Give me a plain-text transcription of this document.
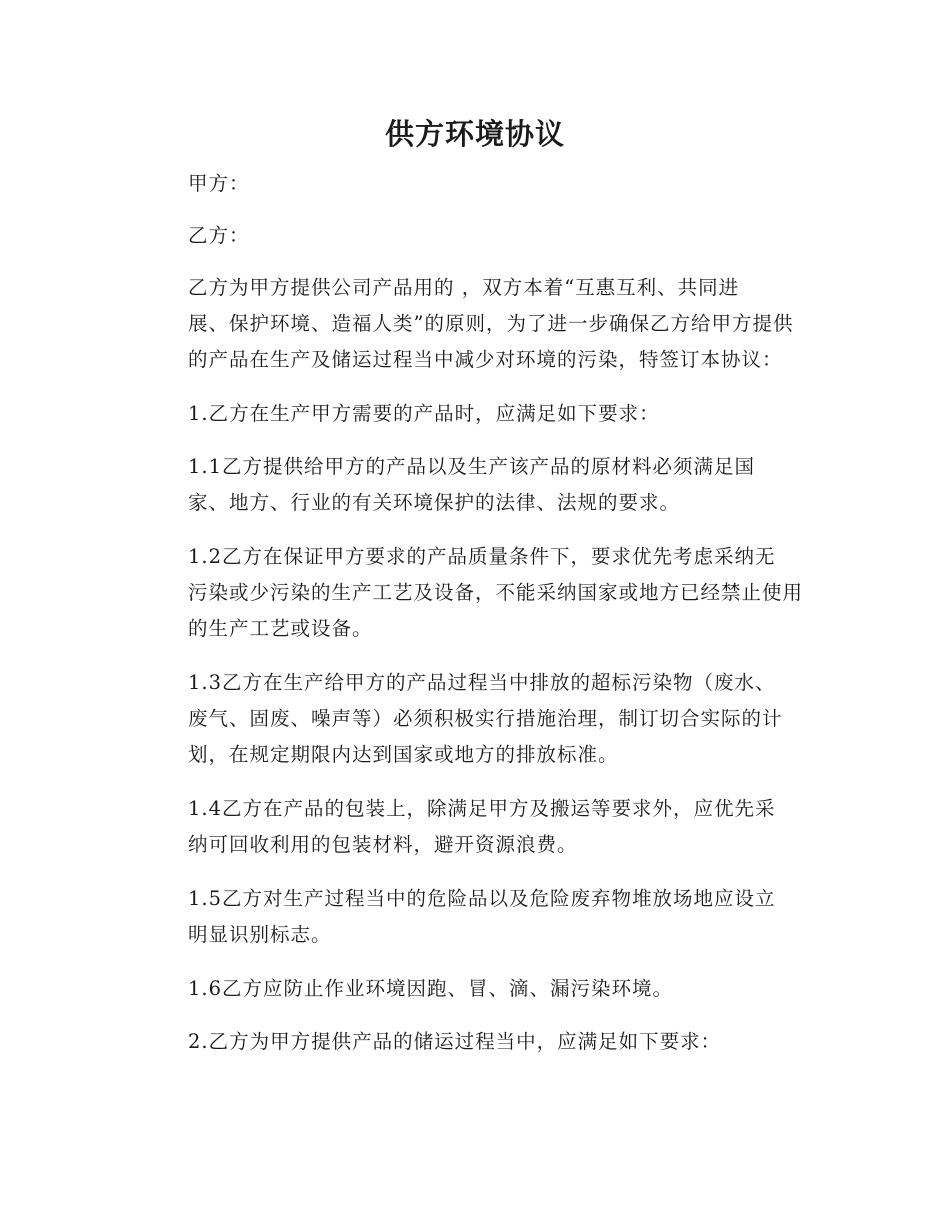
供方环境协议

甲方：

乙方：

乙方为甲方提供公司产品用的 ，双方本着“互惠互利、共同进
展、保护环境、造福人类”的原则，为了进一步确保乙方给甲方提供
的产品在生产及储运过程当中减少对环境的污染，特签订本协议：

1.乙方在生产甲方需要的产品时，应满足如下要求：

1.1乙方提供给甲方的产品以及生产该产品的原材料必须满足国
家、地方、行业的有关环境保护的法律、法规的要求。

1.2乙方在保证甲方要求的产品质量条件下，要求优先考虑采纳无
污染或少污染的生产工艺及设备，不能采纳国家或地方已经禁止使用
的生产工艺或设备。

1.3乙方在生产给甲方的产品过程当中排放的超标污染物（废水、
废气、固废、噪声等）必须积极实行措施治理，制订切合实际的计
划，在规定期限内达到国家或地方的排放标准。

1.4乙方在产品的包装上，除满足甲方及搬运等要求外，应优先采
纳可回收利用的包装材料，避开资源浪费。

1.5乙方对生产过程当中的危险品以及危险废弃物堆放场地应设立
明显识别标志。

1.6乙方应防止作业环境因跑、冒、滴、漏污染环境。

2.乙方为甲方提供产品的储运过程当中，应满足如下要求：
